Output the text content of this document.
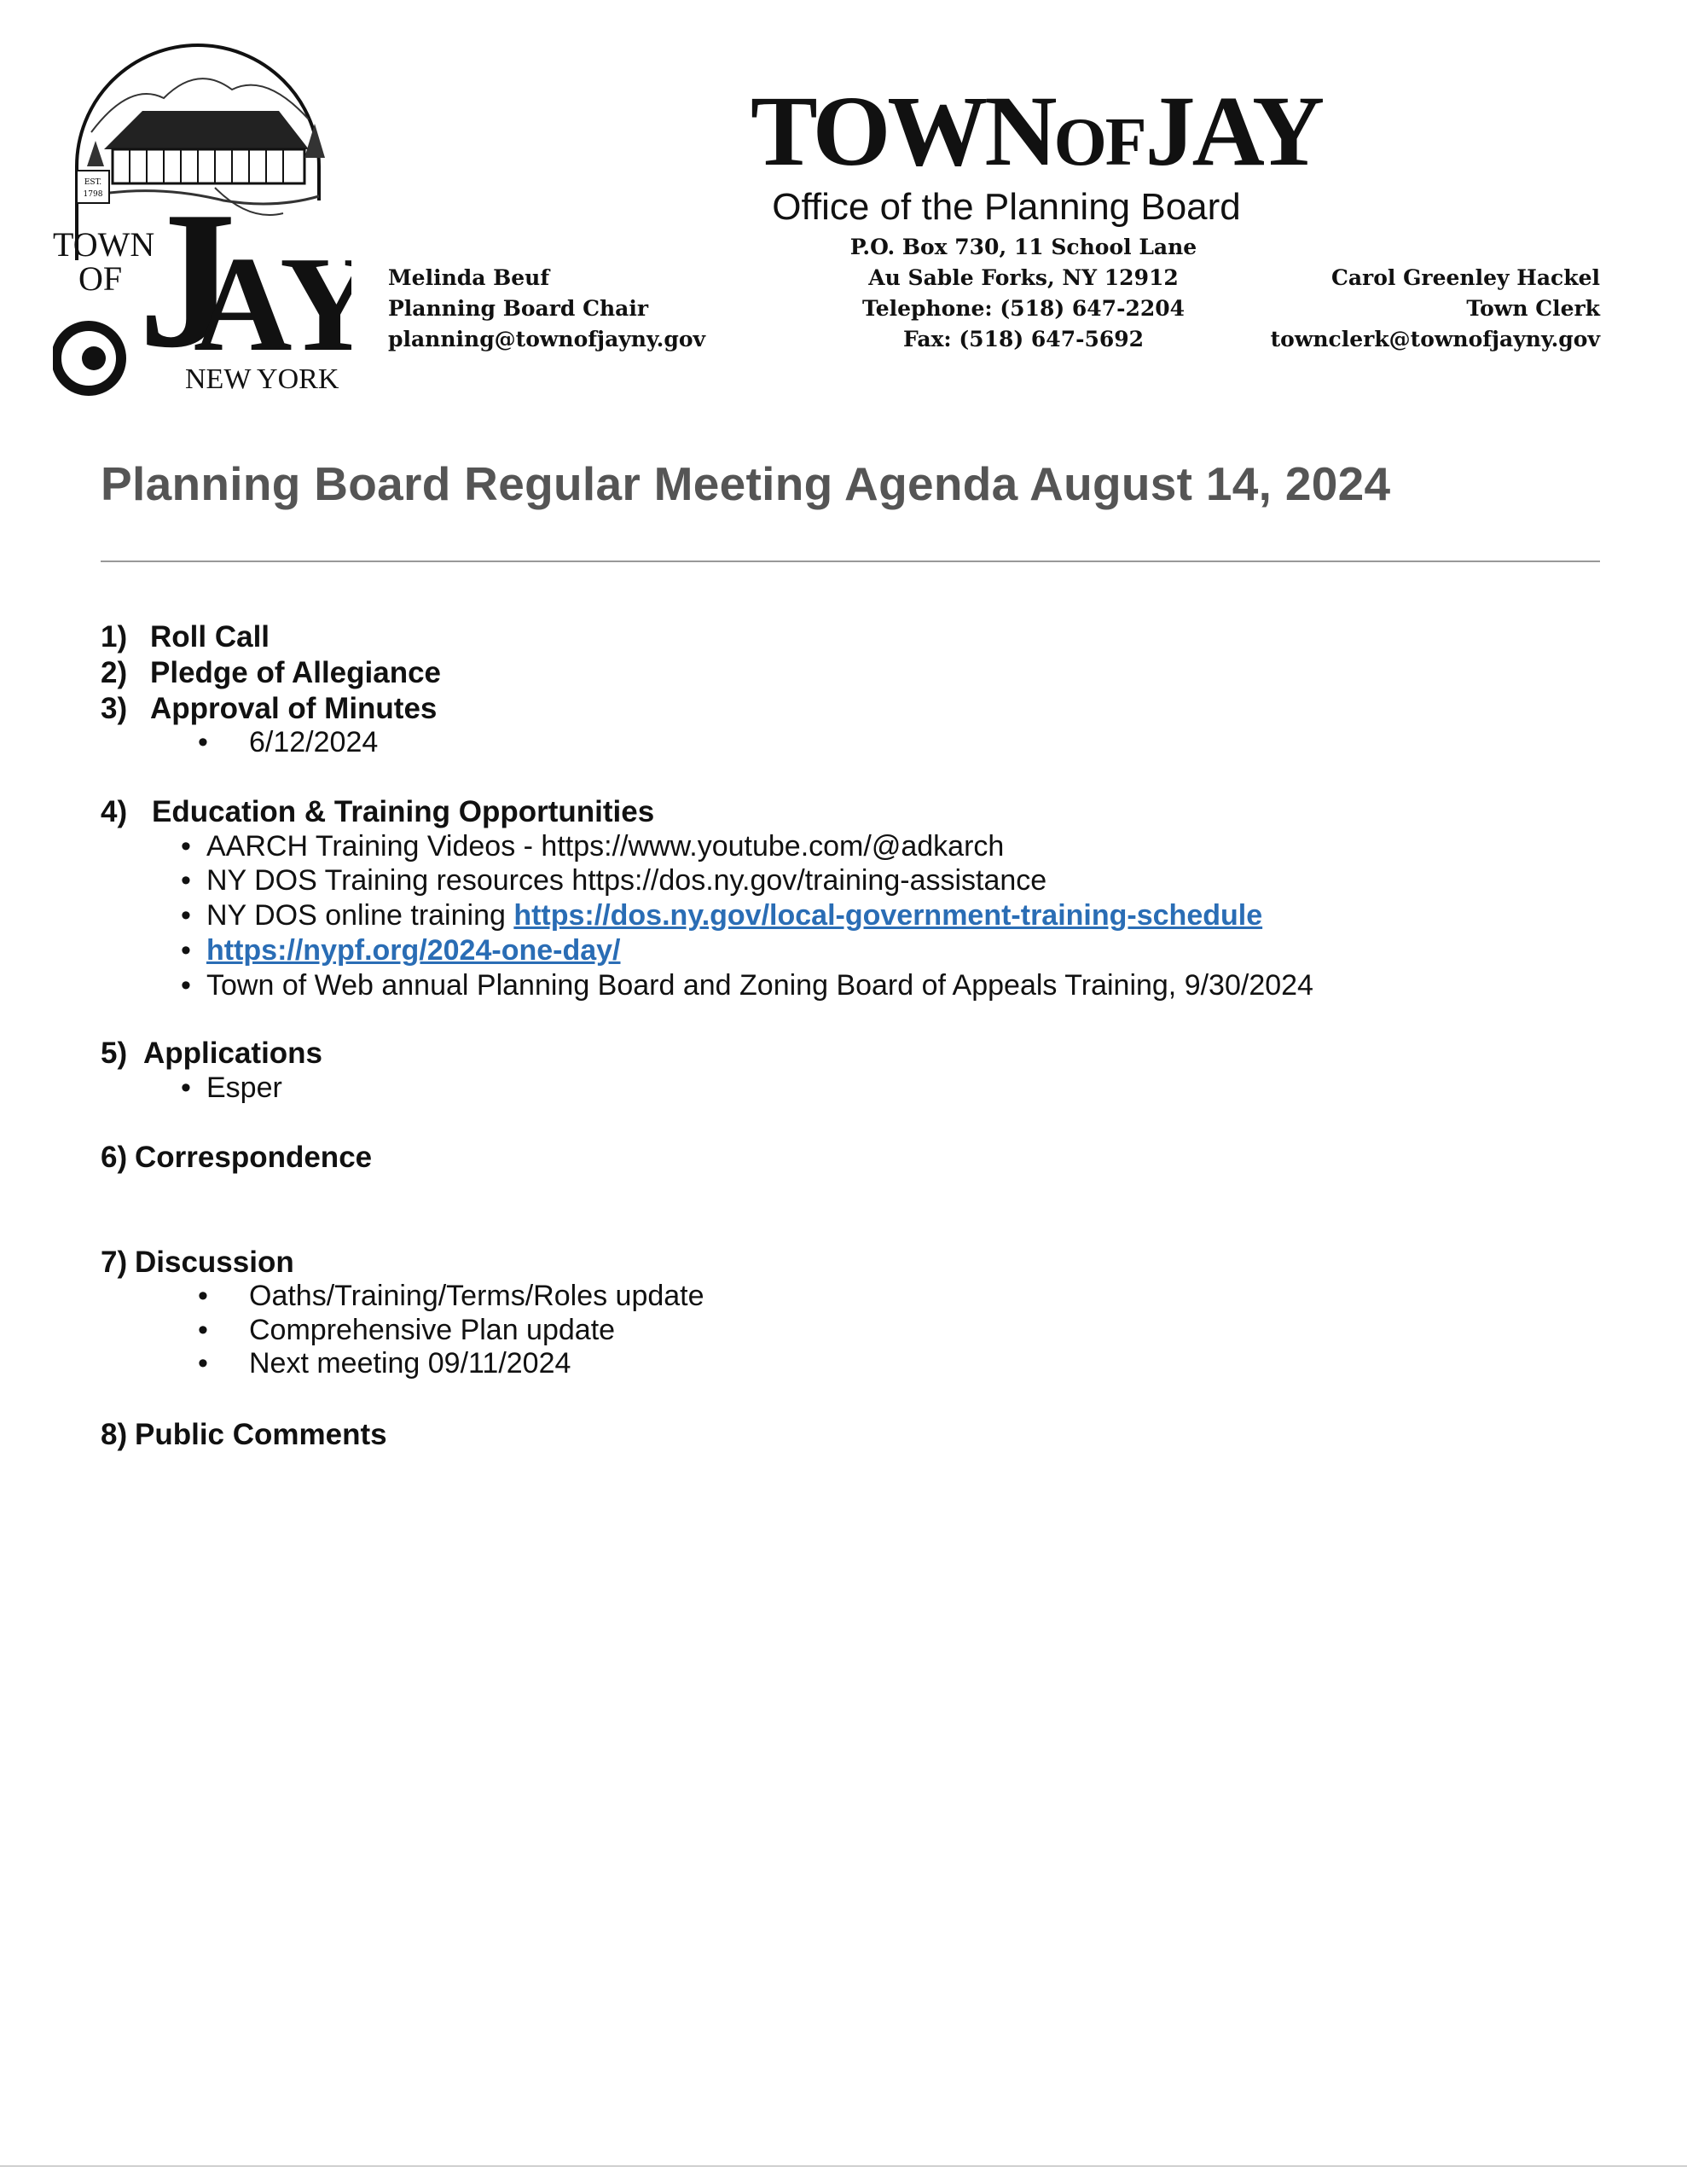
EST.
1798 J
AY
TOWN
OF
NEW YORK
TOWNOFJAY
Office of the Planning Board
P.O. Box 730, 11 School Lane
Au Sable Forks, NY 12912
Telephone: (518) 647-2204
Fax: (518) 647-5692
Melinda Beuf
Planning Board Chair
planning@townofjayny.gov
Carol Greenley Hackel
Town Clerk
townclerk@townofjayny.gov
Planning Board Regular Meeting Agenda August 14, 2024
1) Roll Call
2) Pledge of Allegiance
3) Approval of Minutes
• 6/12/2024
4) Education & Training Opportunities
• AARCH Training Videos - https://www.youtube.com/@adkarch
• NY DOS Training resources https://dos.ny.gov/training-assistance
• NY DOS online training https://dos.ny.gov/local-government-training-schedule
• https://nypf.org/2024-one-day/
• Town of Web annual Planning Board and Zoning Board of Appeals Training, 9/30/2024
5) Applications
• Esper
6) Correspondence
7) Discussion
• Oaths/Training/Terms/Roles update
• Comprehensive Plan update
• Next meeting 09/11/2024
8) Public Comments
